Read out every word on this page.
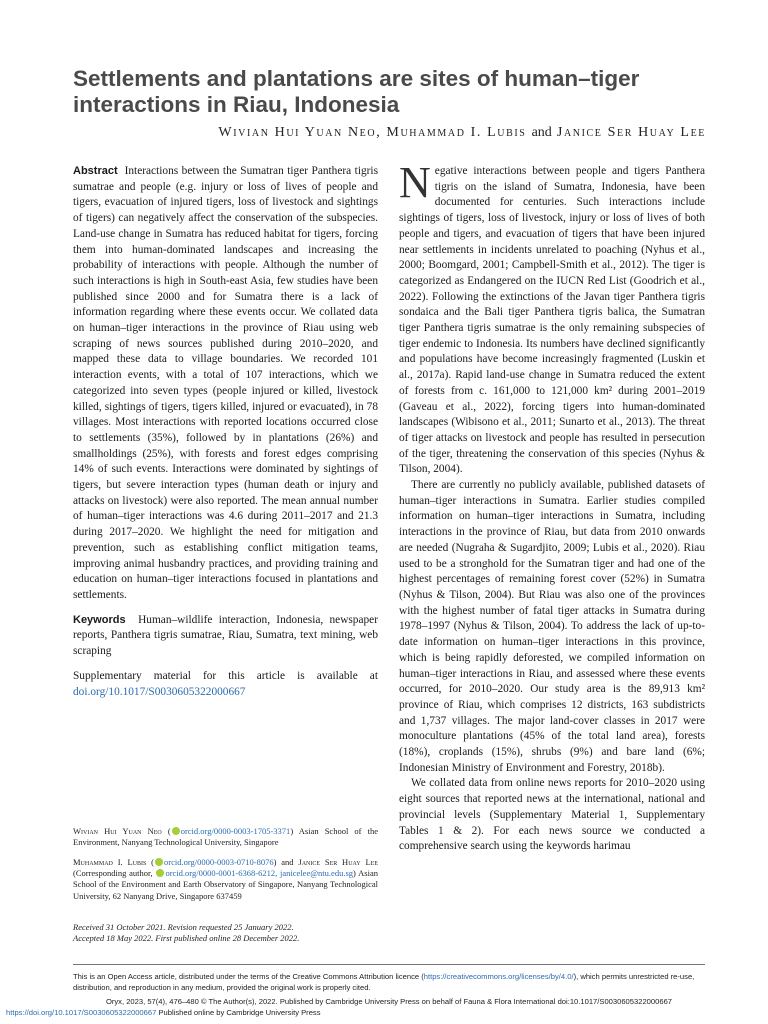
Settlements and plantations are sites of human–tiger interactions in Riau, Indonesia
Wivian Hui Yuan Neo, Muhammad I. Lubis and Janice Ser Huay Lee

Abstract Interactions between the Sumatran tiger Panthera tigris sumatrae and people (e.g. injury or loss of lives of people and tigers, evacuation of injured tigers, loss of livestock and sightings of tigers) can negatively affect the conservation of the subspecies. Land-use change in Sumatra has reduced habitat for tigers, forcing them into human-dominated landscapes and increasing the probability of interactions with people. Although the number of such interactions is high in South-east Asia, few studies have been published since 2000 and for Sumatra there is a lack of information regarding where these events occur. We collated data on human–tiger interactions in the province of Riau using web scraping of news sources published during 2010–2020, and mapped these data to village boundaries. We recorded 101 interaction events, with a total of 107 interactions, which we categorized into seven types (people injured or killed, livestock killed, sightings of tigers, tigers killed, injured or evacuated), in 78 villages. Most interactions with reported locations occurred close to settlements (35%), followed by in plantations (26%) and smallholdings (25%), with forests and forest edges comprising 14% of such events. Interactions were dominated by sightings of tigers, but severe interaction types (human death or injury and attacks on livestock) were also reported. The mean annual number of human–tiger interactions was 4.6 during 2011–2017 and 21.3 during 2017–2020. We highlight the need for mitigation and prevention, such as establishing conflict mitigation teams, improving animal husbandry practices, and providing training and education on human–tiger interactions focused in plantations and settlements.

Keywords Human–wildlife interaction, Indonesia, newspaper reports, Panthera tigris sumatrae, Riau, Sumatra, text mining, web scraping

Supplementary material for this article is available at doi.org/10.1017/S0030605322000667

Wivian Hui Yuan Neo ( orcid.org/0000-0003-1705-3371) Asian School of the Environment, Nanyang Technological University, Singapore
Muhammad I. Lubis ( orcid.org/0000-0003-0710-8076) and Janice Ser Huay Lee (Corresponding author, orcid.org/0000-0001-6368-6212, janicelee@ntu.edu.sg) Asian School of the Environment and Earth Observatory of Singapore, Nanyang Technological University, 62 Nanyang Drive, Singapore 637459
Received 31 October 2021. Revision requested 25 January 2022.
Accepted 18 May 2022. First published online 28 December 2022.

Negative interactions between people and tigers Panthera tigris on the island of Sumatra, Indonesia, have been documented for centuries. Such interactions include sightings of tigers, loss of livestock, injury or loss of lives of both people and tigers, and evacuation of tigers that have been injured near settlements in incidents unrelated to poaching (Nyhus et al., 2000; Boomgard, 2001; Campbell-Smith et al., 2012). The tiger is categorized as Endangered on the IUCN Red List (Goodrich et al., 2022). Following the extinctions of the Javan tiger Panthera tigris sondaica and the Bali tiger Panthera tigris balica, the Sumatran tiger Panthera tigris sumatrae is the only remaining subspecies of tiger endemic to Indonesia. Its numbers have declined significantly and populations have become increasingly fragmented (Luskin et al., 2017a). Rapid land-use change in Sumatra reduced the extent of forests from c. 161,000 to 121,000 km² during 2001–2019 (Gaveau et al., 2022), forcing tigers into human-dominated landscapes (Wibisono et al., 2011; Sunarto et al., 2013). The threat of tiger attacks on livestock and people has resulted in persecution of the tiger, threatening the conservation of this species (Nyhus & Tilson, 2004).

There are currently no publicly available, published datasets of human–tiger interactions in Sumatra. Earlier studies compiled information on human–tiger interactions in Sumatra, including interactions in the province of Riau, but data from 2010 onwards are needed (Nugraha & Sugardjito, 2009; Lubis et al., 2020). Riau used to be a stronghold for the Sumatran tiger and had one of the highest percentages of remaining forest cover (52%) in Sumatra (Nyhus & Tilson, 2004). But Riau was also one of the provinces with the highest number of fatal tiger attacks in Sumatra during 1978–1997 (Nyhus & Tilson, 2004). To address the lack of up-to-date information on human–tiger interactions in this province, which is being rapidly deforested, we compiled information on human–tiger interactions in Riau, and assessed where these events occurred, for 2010–2020. Our study area is the 89,913 km² province of Riau, which comprises 12 districts, 163 subdistricts and 1,737 villages. The major land-cover classes in 2017 were monoculture plantations (45% of the total land area), forests (18%), croplands (15%), shrubs (9%) and bare land (6%; Indonesian Ministry of Environment and Forestry, 2018b).

We collated data from online news reports for 2010–2020 using eight sources that reported news at the international, national and provincial levels (Supplementary Material 1, Supplementary Tables 1 & 2). For each news source we conducted a comprehensive search using the keywords harimau

This is an Open Access article, distributed under the terms of the Creative Commons Attribution licence (https://creativecommons.org/licenses/by/4.0/), which permits unrestricted re-use,
distribution, and reproduction in any medium, provided the original work is properly cited.
Oryx, 2023, 57(4), 476–480 © The Author(s), 2022. Published by Cambridge University Press on behalf of Fauna & Flora International doi:10.1017/S0030605322000667
https://doi.org/10.1017/S0030605322000667 Published online by Cambridge University Press
